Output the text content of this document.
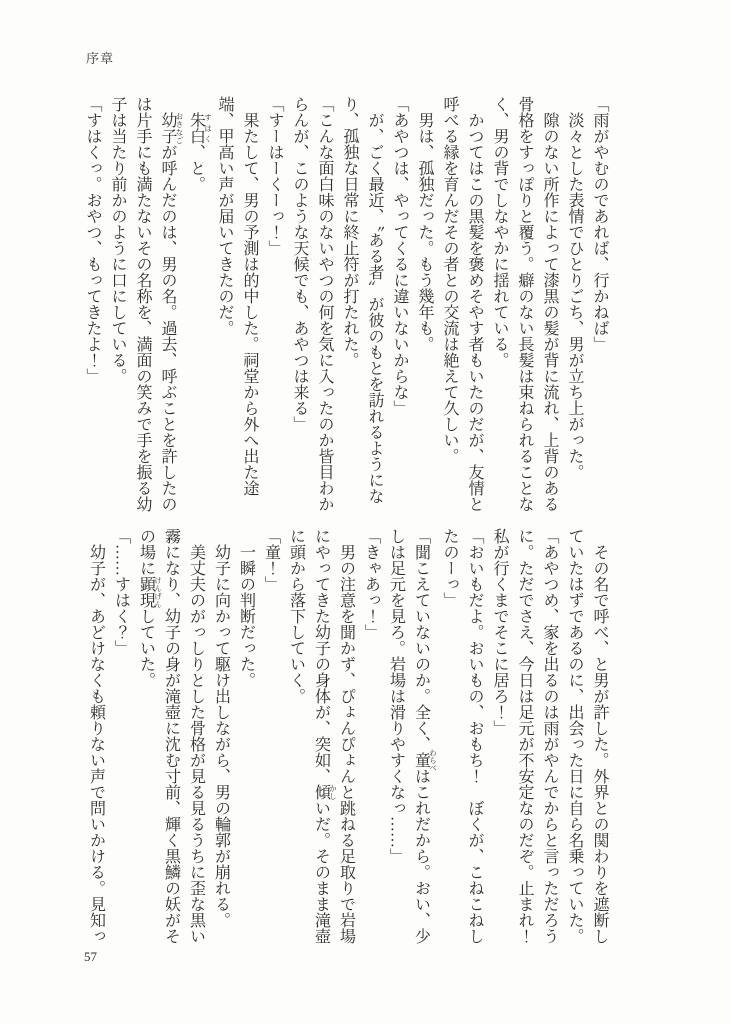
序章

「雨がやむのであれば、行かねば」

淡々とした表情でひとりごち、男が立ち上がった。

隙のない所作によって漆黒の髪が背に流れ、上背のある骨格をすっぽりと覆う。癖のない長髪は束ねられることなく、男の背でしなやかに揺れている。

かつてはこの黒髪を褒めそやす者もいたのだが、友情と呼べる縁を育んだその者との交流は絶えて久しい。

男は、孤独だった。もう幾年も。

「あやつは、やってくるに違いないからな」

が、ごく最近、〝ある者〟が彼のもとを訪れるようになり、孤独な日常に終止符が打たれた。

「こんな面白味のないやつの何を気に入ったのか皆目わからんが、このような天候でも、あやつは来る」

「すーはーくーっ！」

果たして、男の予測は的中した。祠堂から外へ出た途端、甲高い声が届いてきたのだ。

朱白 すはく、と。

幼子 おさなごが呼んだのは、男の名。過去、呼ぶことを許したのは片手にも満たないその名称を、満面の笑みで手を振る幼子は当たり前かのように口にしている。

「すはくっ。おやつ、もってきたよ！」

その名で呼べ、と男が許した。外界との関わりを遮断していたはずであるのに、出会った日に自ら名乗っていた。

「あやつめ、家を出るのは雨がやんでからと言っただろうに。ただでさえ、今日は足元が不安定なのだぞ。止まれ！私が行くまでそこに居ろ！」

「おいもだよ。おいもの、おもち！　ぼくが、こねこねしたのーっ」

「聞こえていないのか。全く、童 わらべはこれだから。おい、少しは足元を見ろ。岩場は滑りやすくなっ……」

「きゃあっ！」

男の注意を聞かず、ぴょんぴょんと跳ねる足取りで岩場にやってきた幼子の身体が、突如、傾 かしいだ。そのまま滝壺に頭から落下していく。

「童！」

一瞬の判断だった。

幼子に向かって駆け出しながら、男の輪郭が崩れる。

美丈夫のがっしりとした骨格が見る見るうちに歪な黒い霧になり、幼子の身が滝壺に沈む寸前、輝く黒鱗の妖がその場に顕現 けんげんしていた。

「……すはく？」

幼子が、あどけなくも頼りない声で問いかける。見知っ

57
